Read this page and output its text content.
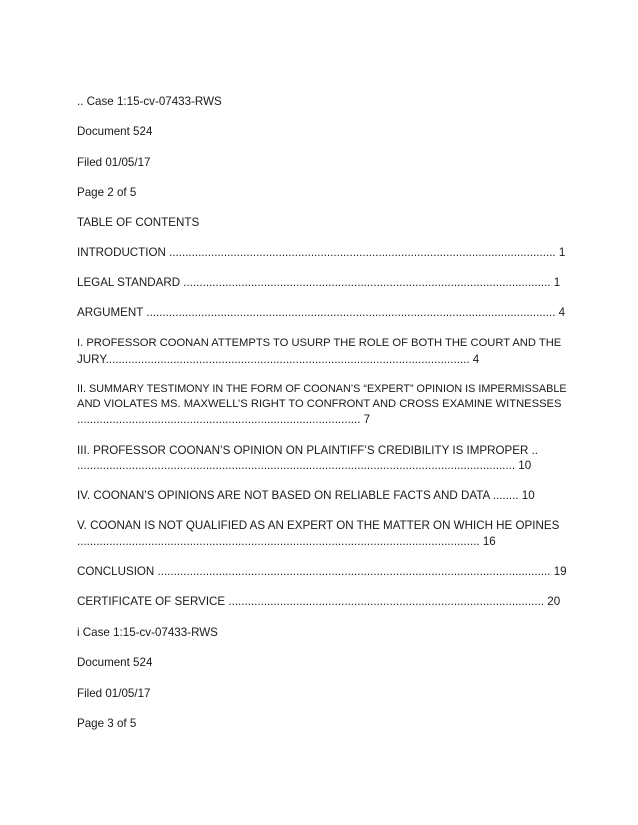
.. Case 1:15-cv-07433-RWS
Document 524
Filed 01/05/17
Page 2 of 5
TABLE OF CONTENTS
INTRODUCTION ........................................................................................................................ 1
LEGAL STANDARD .................................................................................................................. 1
ARGUMENT ............................................................................................................................... 4
I. PROFESSOR COONAN ATTEMPTS TO USURP THE ROLE OF BOTH THE COURT AND THE
JURY................................................................................................................. 4
II. SUMMARY TESTIMONY IN THE FORM OF COONAN’S “EXPERT” OPINION IS IMPERMISSABLE
AND VIOLATES MS. MAXWELL’S RIGHT TO CONFRONT AND CROSS EXAMINE WITNESSES
........................................................................................ 7
III. PROFESSOR COONAN’S OPINION ON PLAINTIFF’S CREDIBILITY IS IMPROPER ..
........................................................................................................................................ 10
IV. COONAN’S OPINIONS ARE NOT BASED ON RELIABLE FACTS AND DATA ........ 10
V. COONAN IS NOT QUALIFIED AS AN EXPERT ON THE MATTER ON WHICH HE OPINES
............................................................................................................................. 16
CONCLUSION .......................................................................................................................... 19
CERTIFICATE OF SERVICE .................................................................................................. 20
i Case 1:15-cv-07433-RWS
Document 524
Filed 01/05/17
Page 3 of 5
